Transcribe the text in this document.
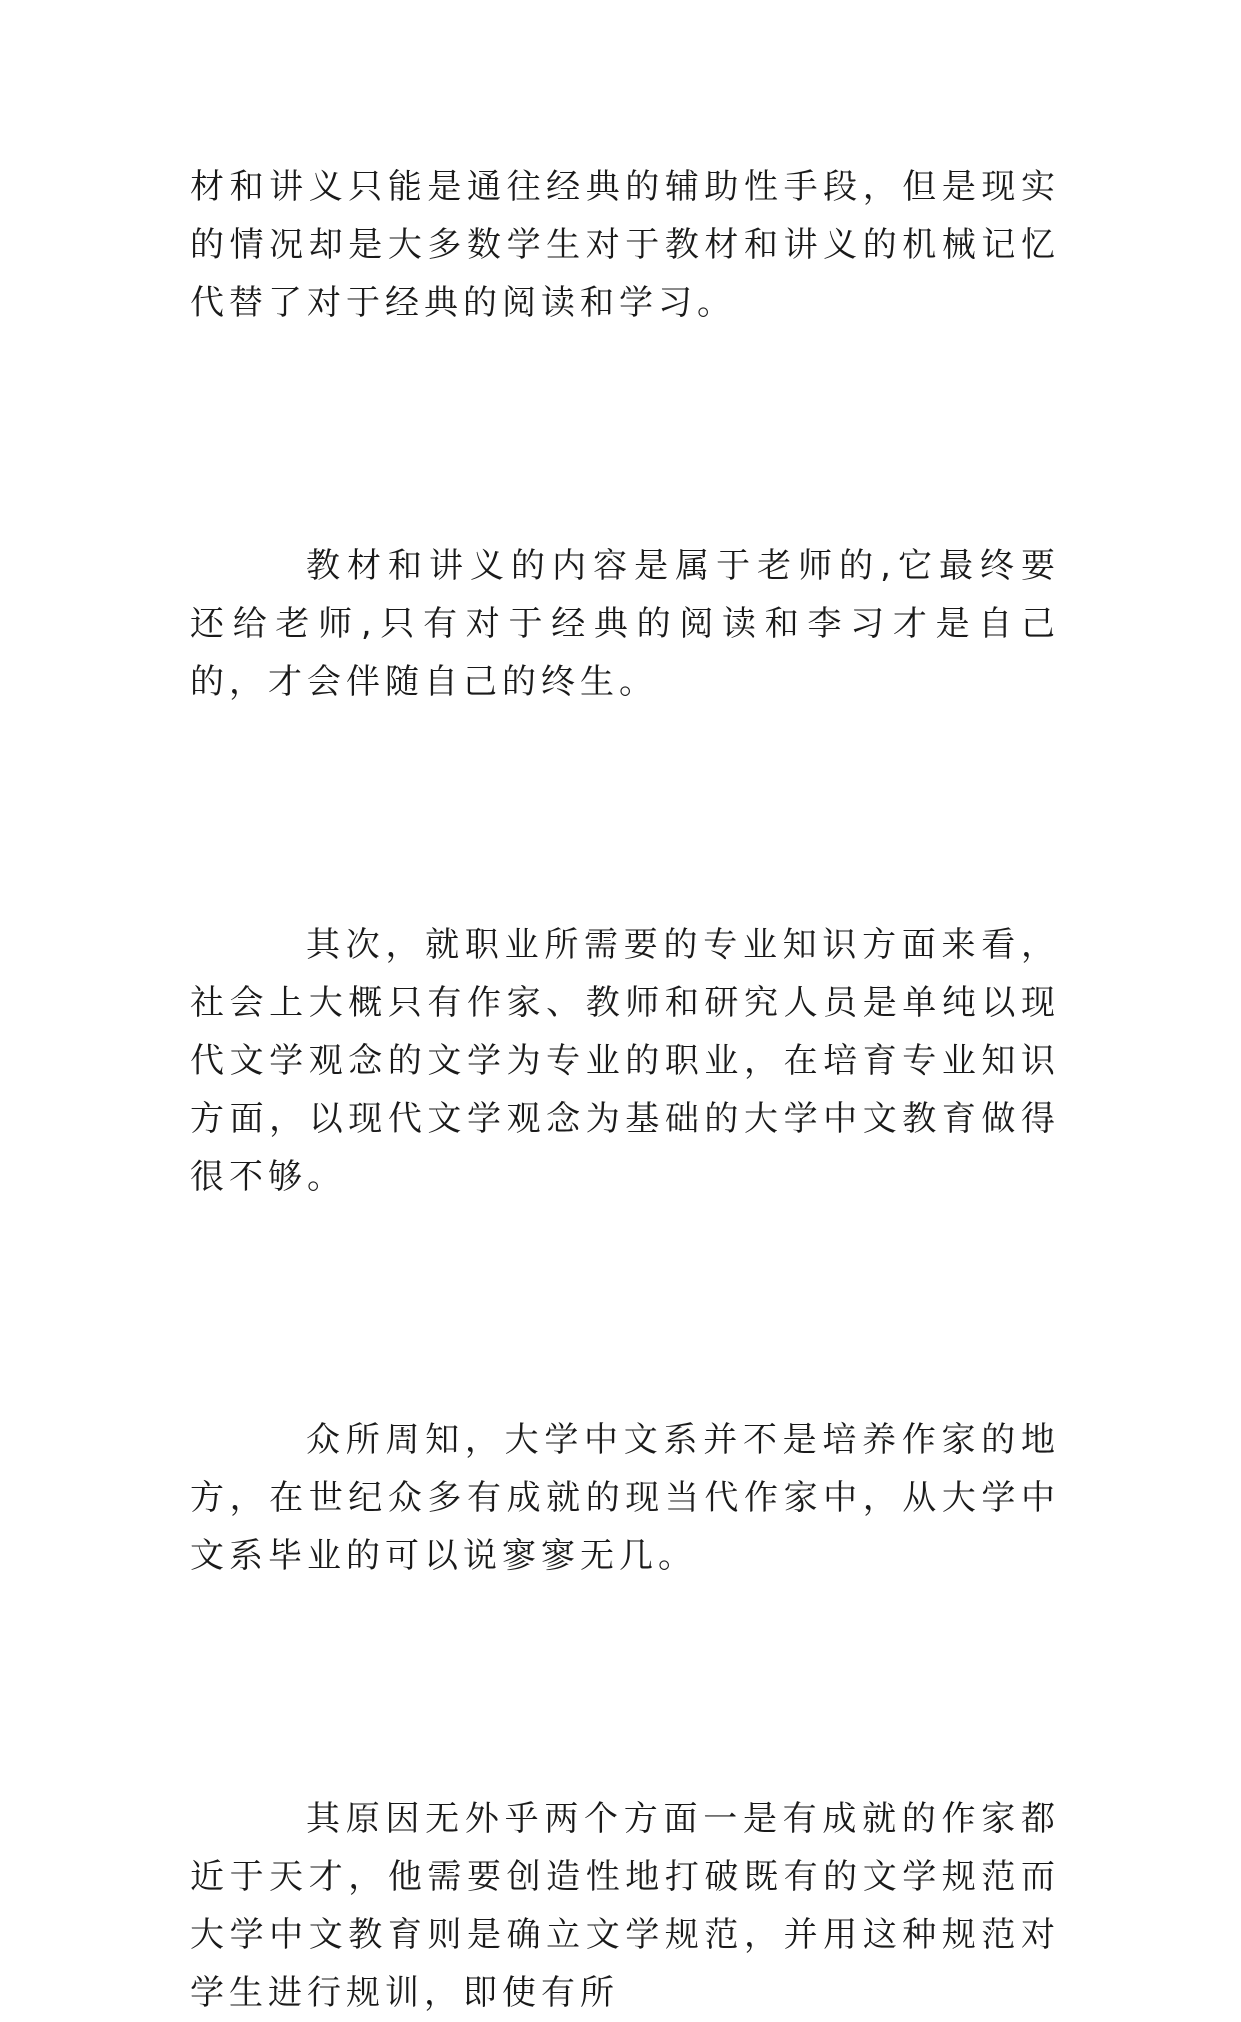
材和讲义只能是通往经典的辅助性手段，但是现实的情况却是大多数学生对于教材和讲义的机械记忆代替了对于经典的阅读和学习。

教材和讲义的内容是属于老师的,它最终要还给老师,只有对于经典的阅读和李习才是自己的，才会伴随自己的终生。

其次，就职业所需要的专业知识方面来看，社会上大概只有作家、教师和研究人员是单纯以现代文学观念的文学为专业的职业，在培育专业知识方面，以现代文学观念为基础的大学中文教育做得很不够。

众所周知，大学中文系并不是培养作家的地方，在世纪众多有成就的现当代作家中，从大学中文系毕业的可以说寥寥无几。

其原因无外乎两个方面一是有成就的作家都近于天才，他需要创造性地打破既有的文学规范而大学中文教育则是确立文学规范，并用这种规范对学生进行规训，即使有所
